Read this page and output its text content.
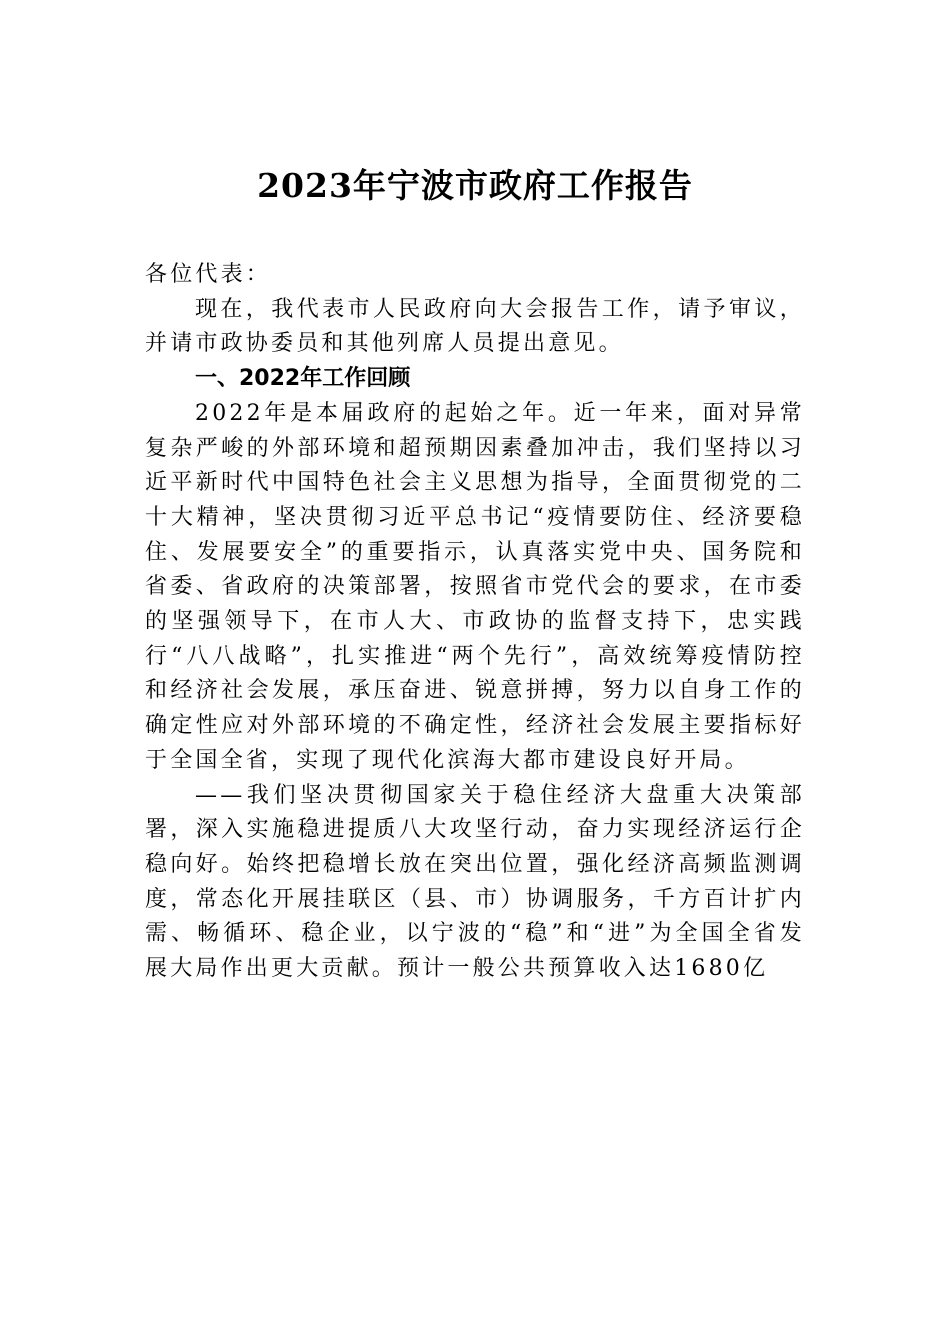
2023年宁波市政府工作报告

各位代表：

现在，我代表市人民政府向大会报告工作，请予审议，并请市政协委员和其他列席人员提出意见。

一、2022年工作回顾

2022年是本届政府的起始之年。近一年来，面对异常复杂严峻的外部环境和超预期因素叠加冲击，我们坚持以习近平新时代中国特色社会主义思想为指导，全面贯彻党的二十大精神，坚决贯彻习近平总书记“疫情要防住、经济要稳住、发展要安全”的重要指示，认真落实党中央、国务院和省委、省政府的决策部署，按照省市党代会的要求，在市委的坚强领导下，在市人大、市政协的监督支持下，忠实践行“八八战略”，扎实推进“两个先行”，高效统筹疫情防控和经济社会发展，承压奋进、锐意拼搏，努力以自身工作的确定性应对外部环境的不确定性，经济社会发展主要指标好于全国全省，实现了现代化滨海大都市建设良好开局。

——我们坚决贯彻国家关于稳住经济大盘重大决策部署，深入实施稳进提质八大攻坚行动，奋力实现经济运行企稳向好。始终把稳增长放在突出位置，强化经济高频监测调度，常态化开展挂联区（县、市）协调服务，千方百计扩内需、畅循环、稳企业，以宁波的“稳”和“进”为全国全省发展大局作出更大贡献。预计一般公共预算收入达1680亿
